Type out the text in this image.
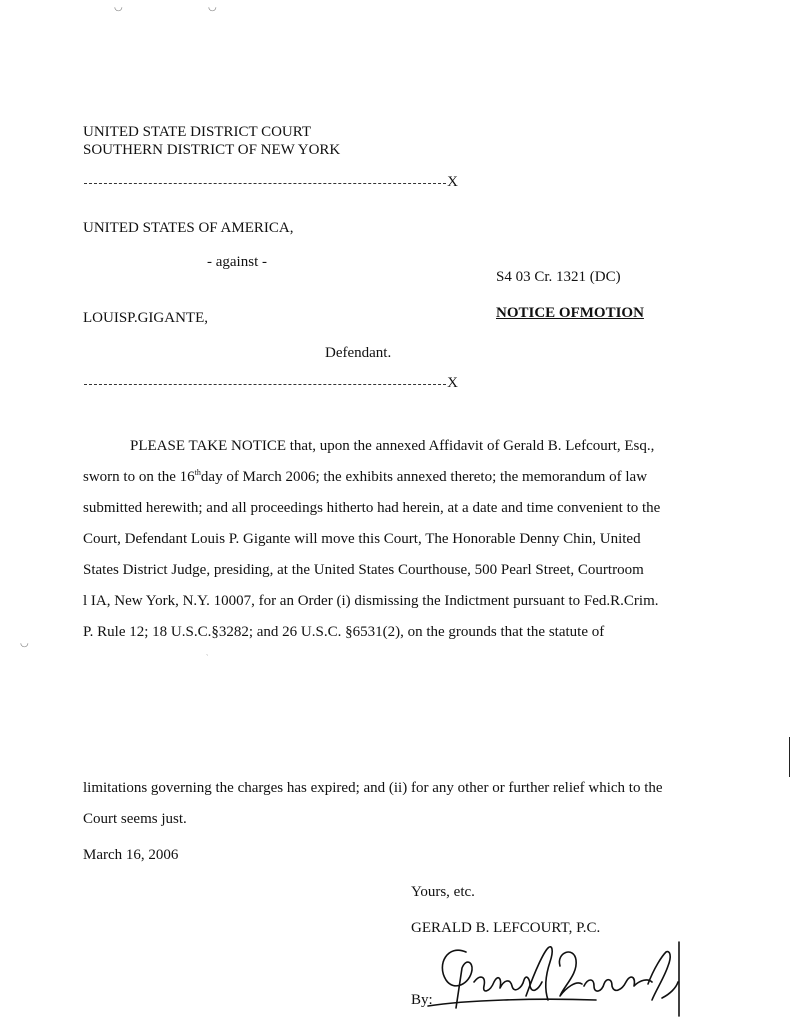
◡	◡
◡
ˏ
UNITED STATE DISTRICT COURT
SOUTHERN DISTRICT OF NEW YORK
X
UNITED STATES OF AMERICA,
- against -
S4 03 Cr. 1321 (DC)
LOUISP.GIGANTE,	NOTICE OFMOTION
Defendant.
X
PLEASE TAKE NOTICE that, upon the annexed Affidavit of Gerald B. Lefcourt, Esq.,
sworn to on the 16thday of March 2006; the exhibits annexed thereto; the memorandum of law
submitted herewith; and all proceedings hitherto had herein, at a date and time convenient to the
Court, Defendant Louis P. Gigante will move this Court, The Honorable Denny Chin, United
States District Judge, presiding, at the United States Courthouse, 500 Pearl Street, Courtroom
l IA, New York, N.Y. 10007, for an Order (i) dismissing the Indictment pursuant to Fed.R.Crim.
P. Rule 12; 18 U.S.C.§3282; and 26 U.S.C. §6531(2), on the grounds that the statute of
limitations governing the charges has expired; and (ii) for any other or further relief which to the
Court seems just.
March 16, 2006
Yours, etc.
GERALD B. LEFCOURT, P.C.
By:
